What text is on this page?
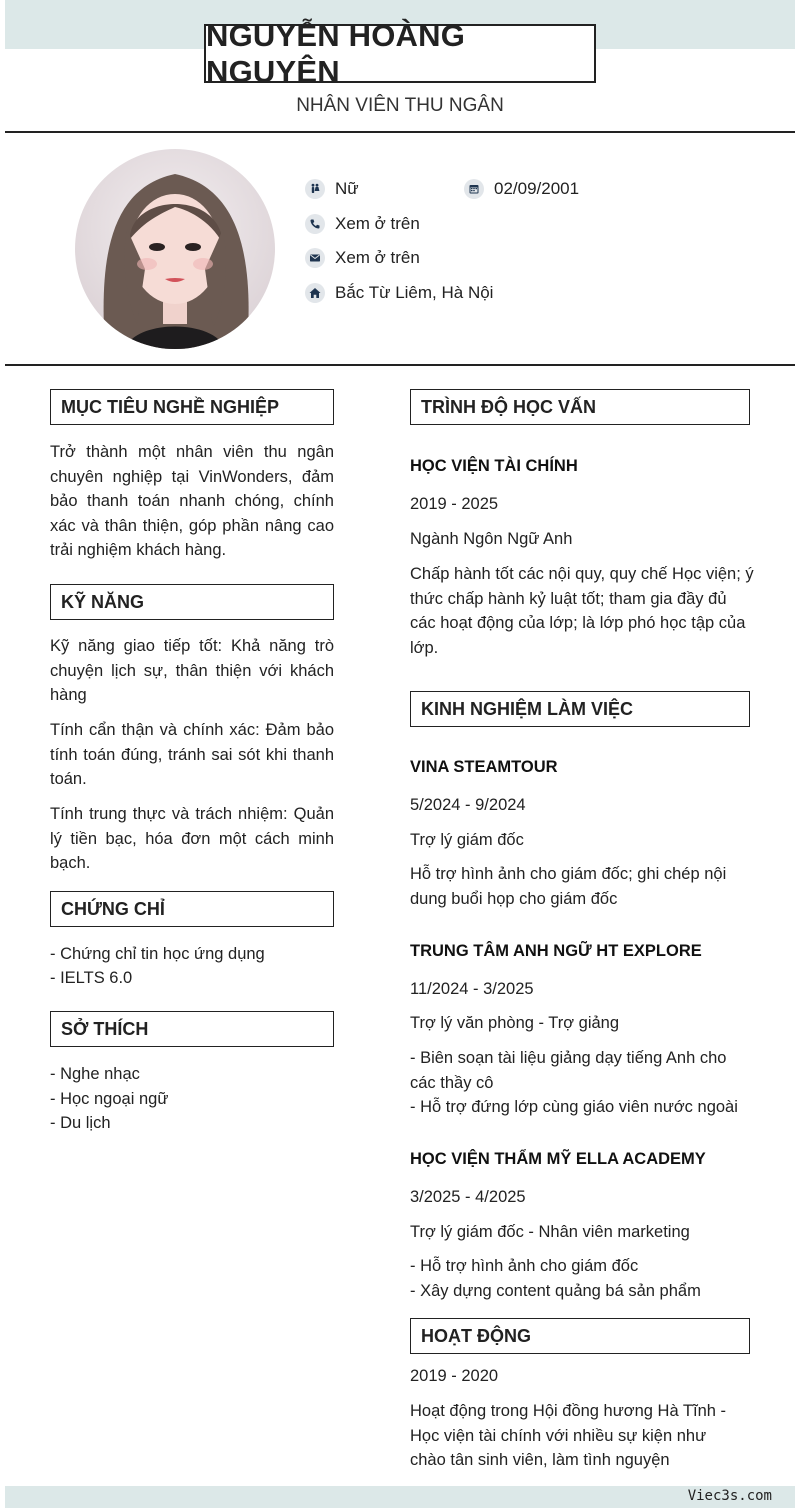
NGUYỄN HOÀNG NGUYÊN
NHÂN VIÊN THU NGÂN
Nữ	02/09/2001
Xem ở trên
Xem ở trên
Bắc Từ Liêm, Hà Nội
MỤC TIÊU NGHỀ NGHIỆP
Trở thành một nhân viên thu ngân chuyên nghiệp tại VinWonders, đảm bảo thanh toán nhanh chóng, chính xác và thân thiện, góp phần nâng cao trải nghiệm khách hàng.
KỸ NĂNG
Kỹ năng giao tiếp tốt: Khả năng trò chuyện lịch sự, thân thiện với khách hàng
Tính cẩn thận và chính xác: Đảm bảo tính toán đúng, tránh sai sót khi thanh toán.
Tính trung thực và trách nhiệm: Quản lý tiền bạc, hóa đơn một cách minh bạch.
CHỨNG CHỈ
- Chứng chỉ tin học ứng dụng
- IELTS 6.0
SỞ THÍCH
- Nghe nhạc
- Học ngoại ngữ
- Du lịch
TRÌNH ĐỘ HỌC VẤN
HỌC VIỆN TÀI CHÍNH
2019 - 2025
Ngành Ngôn Ngữ Anh
Chấp hành tốt các nội quy, quy chế Học viện; ý thức chấp hành kỷ luật tốt; tham gia đầy đủ các hoạt động của lớp; là lớp phó học tập của lớp.
KINH NGHIỆM LÀM VIỆC
VINA STEAMTOUR
5/2024 - 9/2024
Trợ lý giám đốc
Hỗ trợ hình ảnh cho giám đốc; ghi chép nội dung buổi họp cho giám đốc
TRUNG TÂM ANH NGỮ HT EXPLORE
11/2024 - 3/2025
Trợ lý văn phòng - Trợ giảng
- Biên soạn tài liệu giảng dạy tiếng Anh cho các thầy cô
- Hỗ trợ đứng lớp cùng giáo viên nước ngoài
HỌC VIỆN THẨM MỸ ELLA ACADEMY
3/2025 - 4/2025
Trợ lý giám đốc - Nhân viên marketing
- Hỗ trợ hình ảnh cho giám đốc
- Xây dựng content quảng bá sản phẩm
HOẠT ĐỘNG
2019 - 2020
Hoạt động trong Hội đồng hương Hà Tĩnh - Học viện tài chính với nhiều sự kiện như chào tân sinh viên, làm tình nguyện
Viec3s.com
